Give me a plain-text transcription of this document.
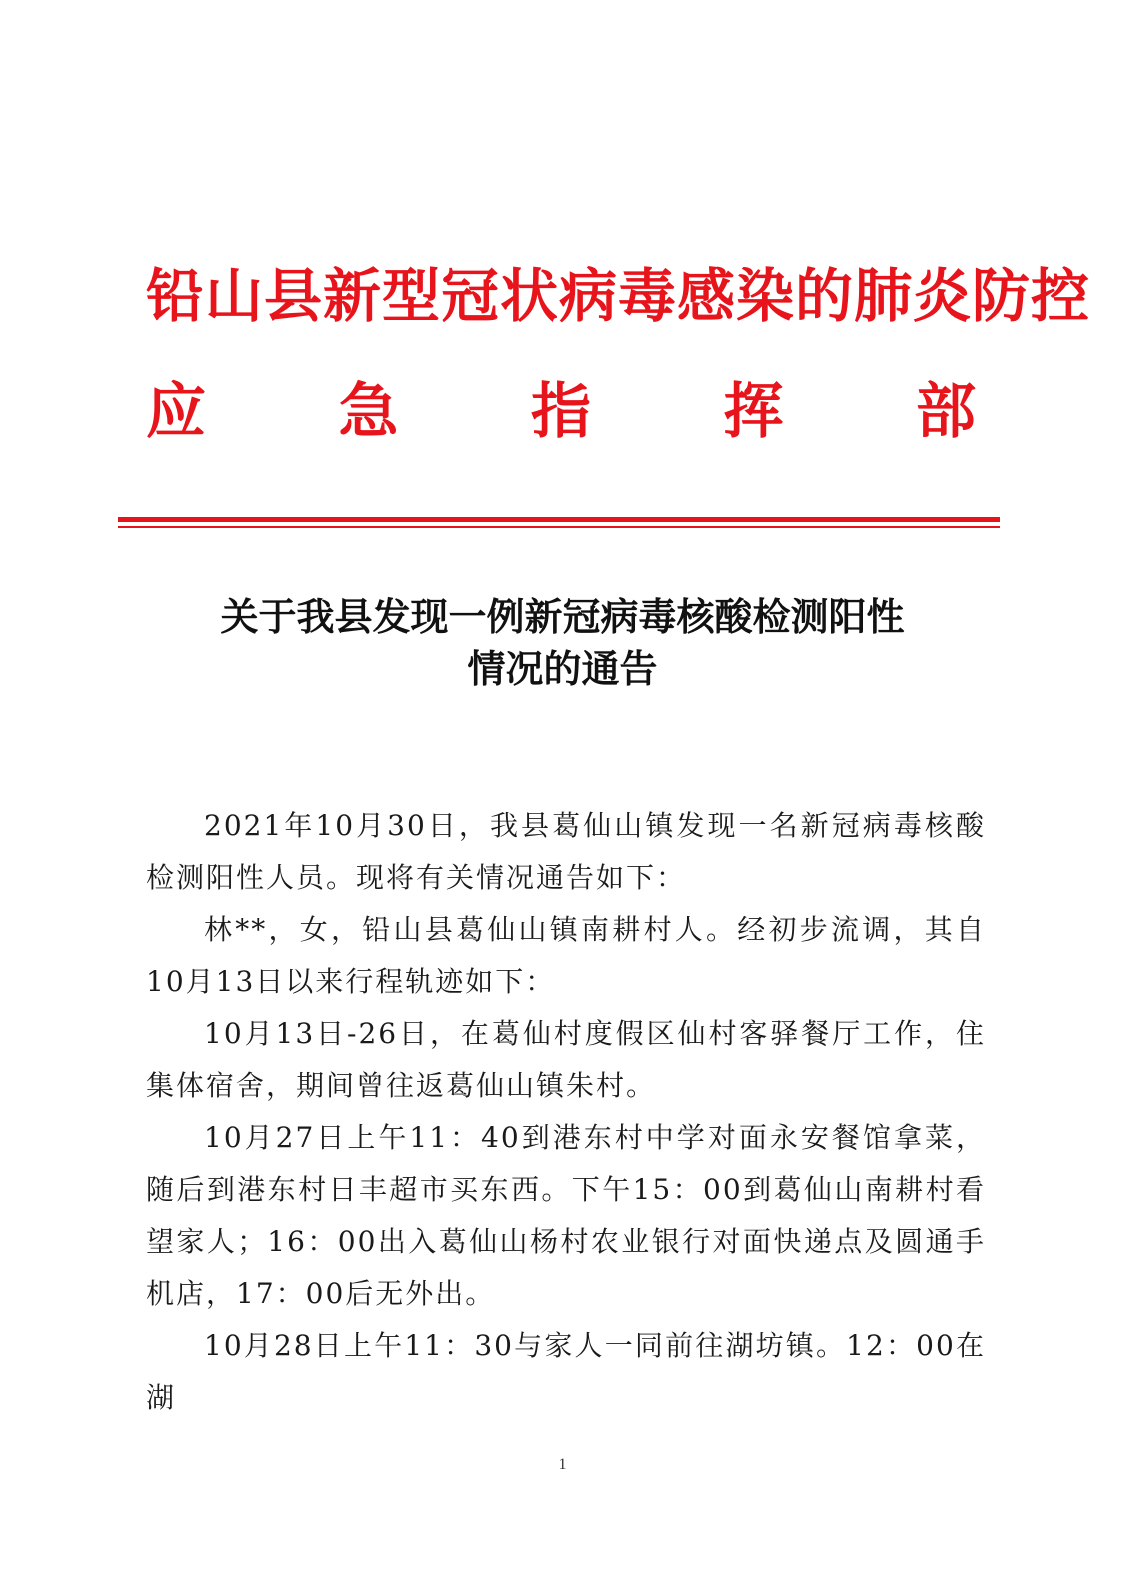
铅山县新型冠状病毒感染的肺炎防控
应 急 指 挥 部
关于我县发现一例新冠病毒核酸检测阳性
情况的通告

2021年10月30日，我县葛仙山镇发现一名新冠病毒核酸检测阳性人员。现将有关情况通告如下：

林**，女，铅山县葛仙山镇南耕村人。经初步流调，其自10月13日以来行程轨迹如下：

10月13日-26日，在葛仙村度假区仙村客驿餐厅工作，住集体宿舍，期间曾往返葛仙山镇朱村。

10月27日上午11：40到港东村中学对面永安餐馆拿菜，随后到港东村日丰超市买东西。下午15：00到葛仙山南耕村看望家人；16：00出入葛仙山杨村农业银行对面快递点及圆通手机店，17：00后无外出。

10月28日上午11：30与家人一同前往湖坊镇。12：00在湖

1
